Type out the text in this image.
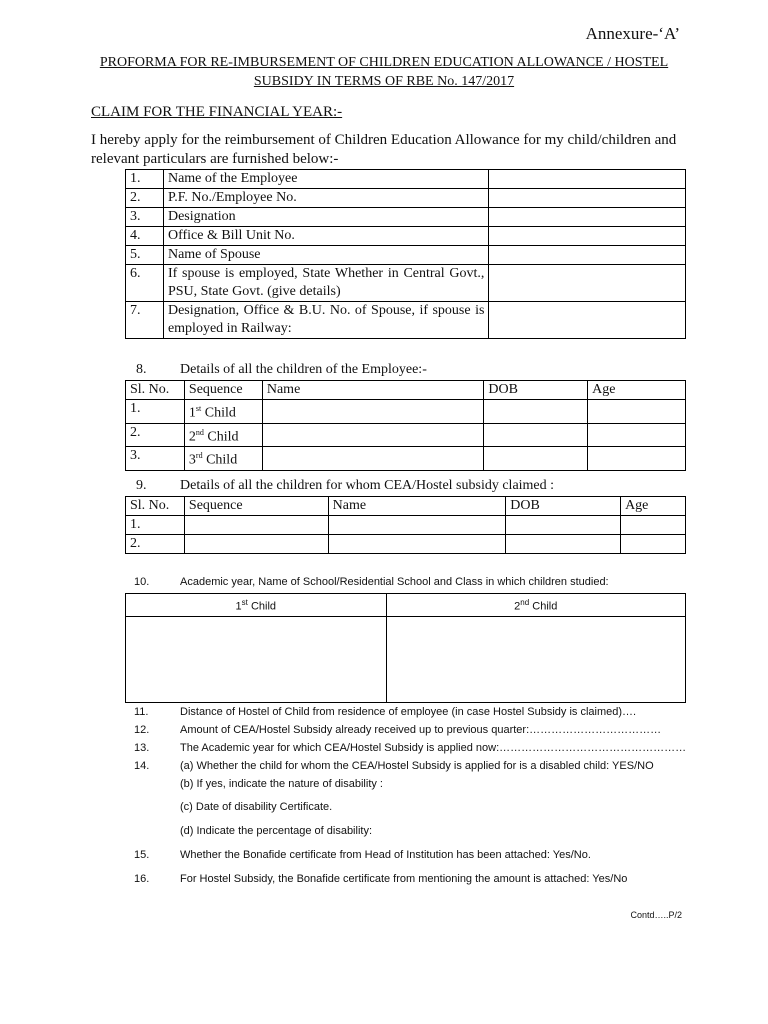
Annexure-‘A’
PROFORMA FOR RE-IMBURSEMENT OF CHILDREN EDUCATION ALLOWANCE / HOSTEL
SUBSIDY IN TERMS OF RBE No. 147/2017
CLAIM FOR THE FINANCIAL YEAR:-
I hereby apply for the reimbursement of Children Education Allowance for my child/children and relevant particulars are furnished below:-
1.	Name of the Employee	
2.	P.F. No./Employee No.	
3.	Designation	
4.	Office & Bill Unit No.	
5.	Name of Spouse	
6.	If spouse is employed, State Whether in Central Govt., PSU, State Govt. (give details)	
7.	Designation, Office & B.U. No. of Spouse, if spouse is employed in Railway:	
8. Details of all the children of the Employee:-
Sl. No.	Sequence	Name	DOB	Age
1.	1st Child			
2.	2nd Child			
3.	3rd Child			
9. Details of all the children for whom CEA/Hostel subsidy claimed :
Sl. No.	Sequence	Name	DOB	Age
1.				
2.				
10.	Academic year, Name of School/Residential School and Class in which children studied:
1st Child	2nd Child

11.	Distance of Hostel of Child from residence of employee (in case Hostel Subsidy is claimed)….
12.	Amount of CEA/Hostel Subsidy already received up to previous quarter:………………………………
13.	The Academic year for which CEA/Hostel Subsidy is applied now:……………………………………………
14.	(a) Whether the child for whom the CEA/Hostel Subsidy is applied for is a disabled child: YES/NO
(b) If yes, indicate the nature of disability :
(c) Date of disability Certificate.
(d) Indicate the percentage of disability:
15.	Whether the Bonafide certificate from Head of Institution has been attached: Yes/No.
16.	For Hostel Subsidy, the Bonafide certificate from mentioning the amount is attached: Yes/No
Contd…..P/2
